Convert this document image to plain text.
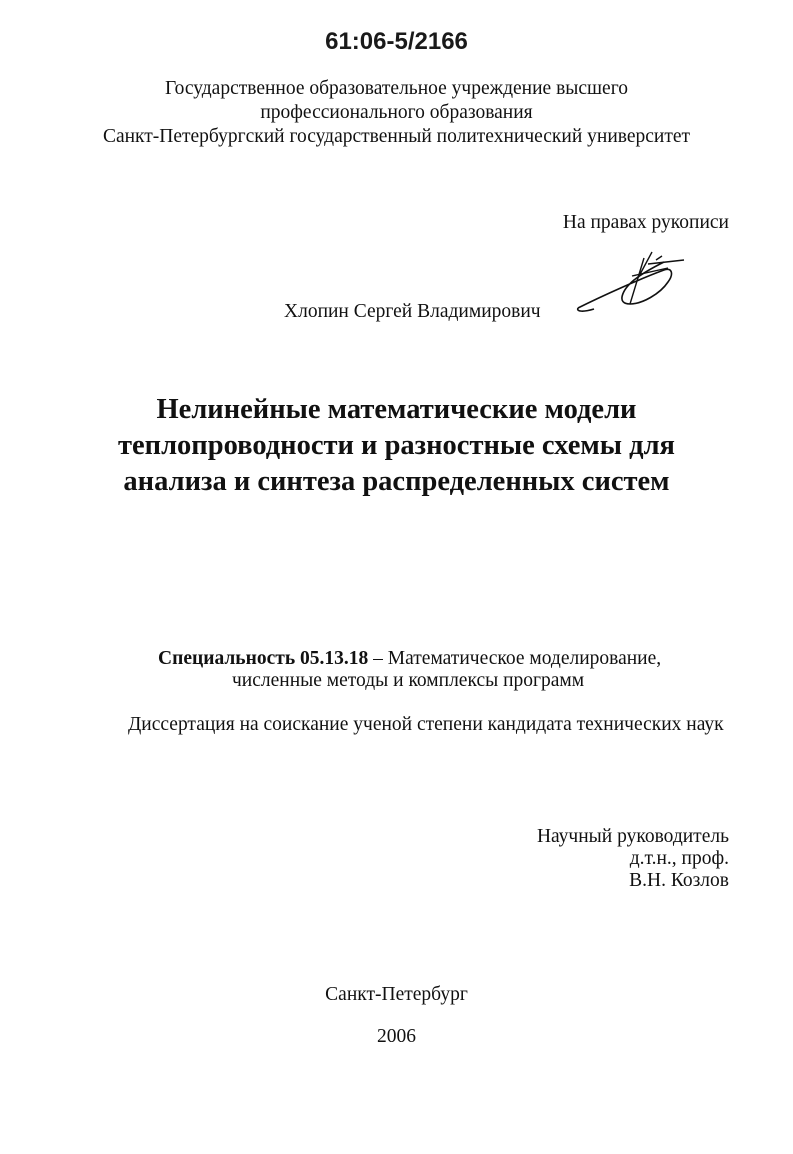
61:06-5/2166
Государственное образовательное учреждение высшего
профессионального образования
Санкт-Петербургский государственный политехнический университет
На правах рукописи
Хлопин Сергей Владимирович
Нелинейные математические модели
теплопроводности и разностные схемы для
анализа и синтеза распределенных систем
Специальность 05.13.18 – Математическое моделирование,
численные методы и комплексы программ
Диссертация на соискание ученой степени кандидата технических наук
Научный руководитель
д.т.н., проф.
В.Н. Козлов
Санкт-Петербург
2006
